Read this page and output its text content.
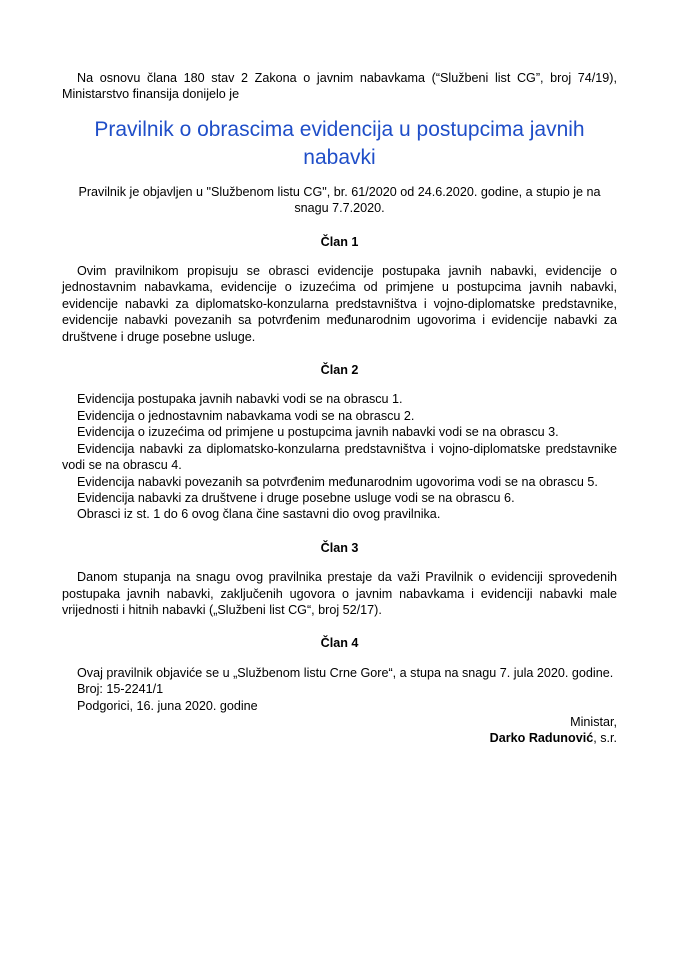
Na osnovu člana 180 stav 2 Zakona o javnim nabavkama (“Službeni list CG”, broj 74/19), Ministarstvo finansija donijelo je

Pravilnik o obrascima evidencija u postupcima javnih nabavki

Pravilnik je objavljen u "Službenom listu CG", br. 61/2020 od 24.6.2020. godine, a stupio je na snagu 7.7.2020.

Član 1

Ovim pravilnikom propisuju se obrasci evidencije postupaka javnih nabavki, evidencije o jednostavnim nabavkama, evidencije o izuzećima od primjene u postupcima javnih nabavki, evidencije nabavki za diplomatsko-konzularna predstavništva i vojno-diplomatske predstavnike, evidencije nabavki povezanih sa potvrđenim međunarodnim ugovorima i evidencije nabavki za društvene i druge posebne usluge.

Član 2

Evidencija postupaka javnih nabavki vodi se na obrascu 1.

Evidencija o jednostavnim nabavkama vodi se na obrascu 2.

Evidencija o izuzećima od primjene u postupcima javnih nabavki vodi se na obrascu 3.

Evidencija nabavki za diplomatsko-konzularna predstavništva i vojno-diplomatske predstavnike vodi se na obrascu 4.

Evidencija nabavki povezanih sa potvrđenim međunarodnim ugovorima vodi se na obrascu 5.

Evidencija nabavki za društvene i druge posebne usluge vodi se na obrascu 6.

Obrasci iz st. 1 do 6 ovog člana čine sastavni dio ovog pravilnika.

Član 3

Danom stupanja na snagu ovog pravilnika prestaje da važi Pravilnik o evidenciji sprovedenih postupaka javnih nabavki, zaključenih ugovora o javnim nabavkama i evidenciji nabavki male vrijednosti i hitnih nabavki („Službeni list CG“, broj 52/17).

Član 4

Ovaj pravilnik objaviće se u „Službenom listu Crne Gore“, a stupa na snagu 7. jula 2020. godine.

Broj: 15-2241/1

Podgorici, 16. juna 2020. godine

Ministar,

Darko Radunović, s.r.
